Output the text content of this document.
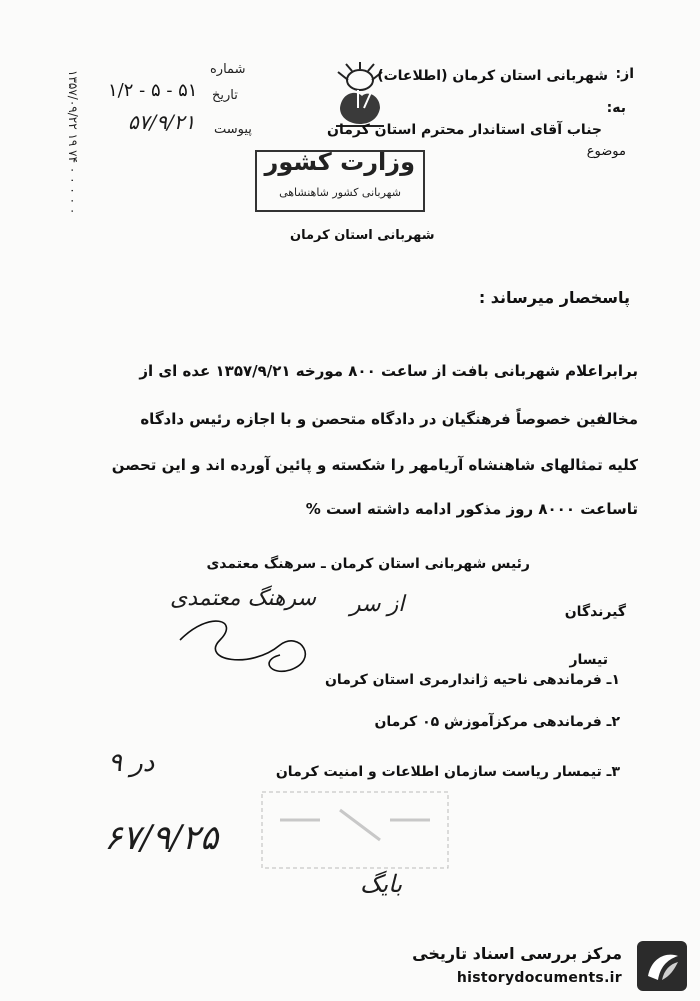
۱۳۵۷/۰۹/۲۲ ۱۹ ۷۴ ۰ ۰ ۰ ۰ ۰	از:
شهربانی استان کرمان (اطلاعات)
به:
جناب آقای استاندار محترم استان کرمان
موضوع
شماره
۵۱ - ۵ - ۱/۲ تاریخ
۵۷/۹/۲۱ پیوست
وزارت کشور
شهربانی کشور شاهنشاهی
شهربانی استان کرمان
پاسخصار میرساند :
برابراعلام شهربانی بافت از ساعت ۸۰۰ مورخه ۱۳۵۷/۹/۲۱ عده ای از
مخالفین خصوصاً فرهنگیان در دادگاه متحصن و با اجازه رئیس دادگاه
کلیه تمثالهای شاهنشاه آریامهر را شکسته و پائین آورده اند و این تحصن
تاساعت ۸۰۰۰ روز مذکور ادامه داشته است %
رئیس شهربانی استان کرمان ـ سرهنگ معتمدی
سرهنگ معتمدی از سر	گیرندگان
تیسار
۱ـ فرماندهی ناحیه ژاندارمری استان کرمان
۲ـ فرماندهی مرکزآموزش ۰۵ کرمان
۳ـ تیمسار ریاست سازمان اطلاعات و امنیت کرمان
در ۹
۶۷/۹/۲۵
بایگ
مرکز بررسی اسناد تاریخی
historydocuments.ir
